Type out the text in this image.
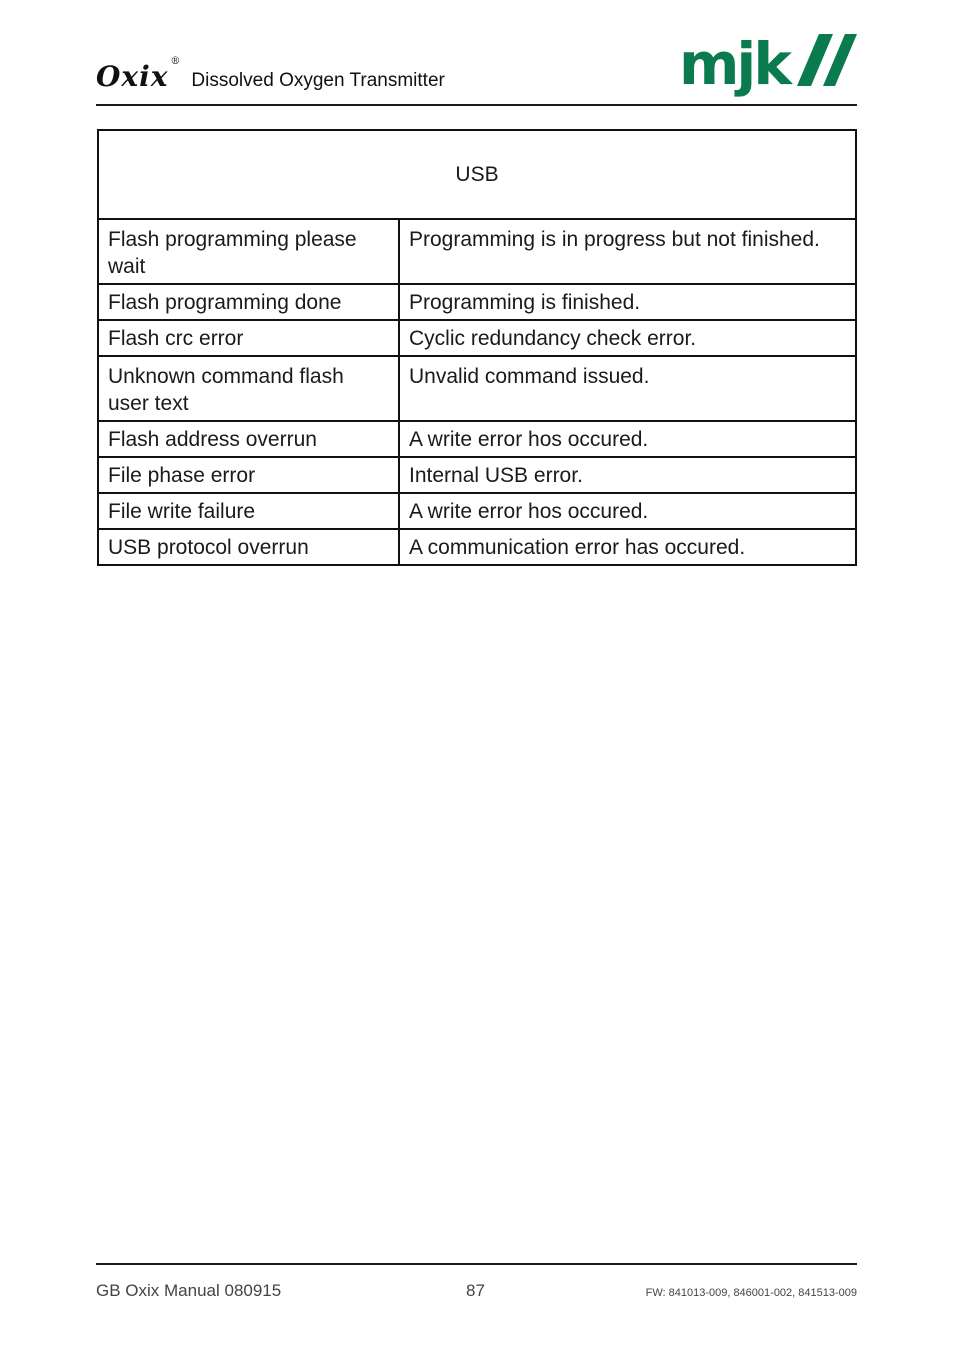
Oxix ®
Dissolved Oxygen Transmitter	mjk
USB	
Flash programming please wait	Programming is in progress but not finished.
Flash programming done	Programming is finished.
Flash crc error	Cyclic redundancy check error.
Unknown command flash user text	Unvalid command issued.
Flash address overrun	A write error hos occured.
File phase error	Internal USB error.
File write failure	A write error hos occured.
USB protocol overrun	A communication error has occured.
GB Oxix Manual 080915	87	FW: 841013-009, 846001-002, 841513-009
